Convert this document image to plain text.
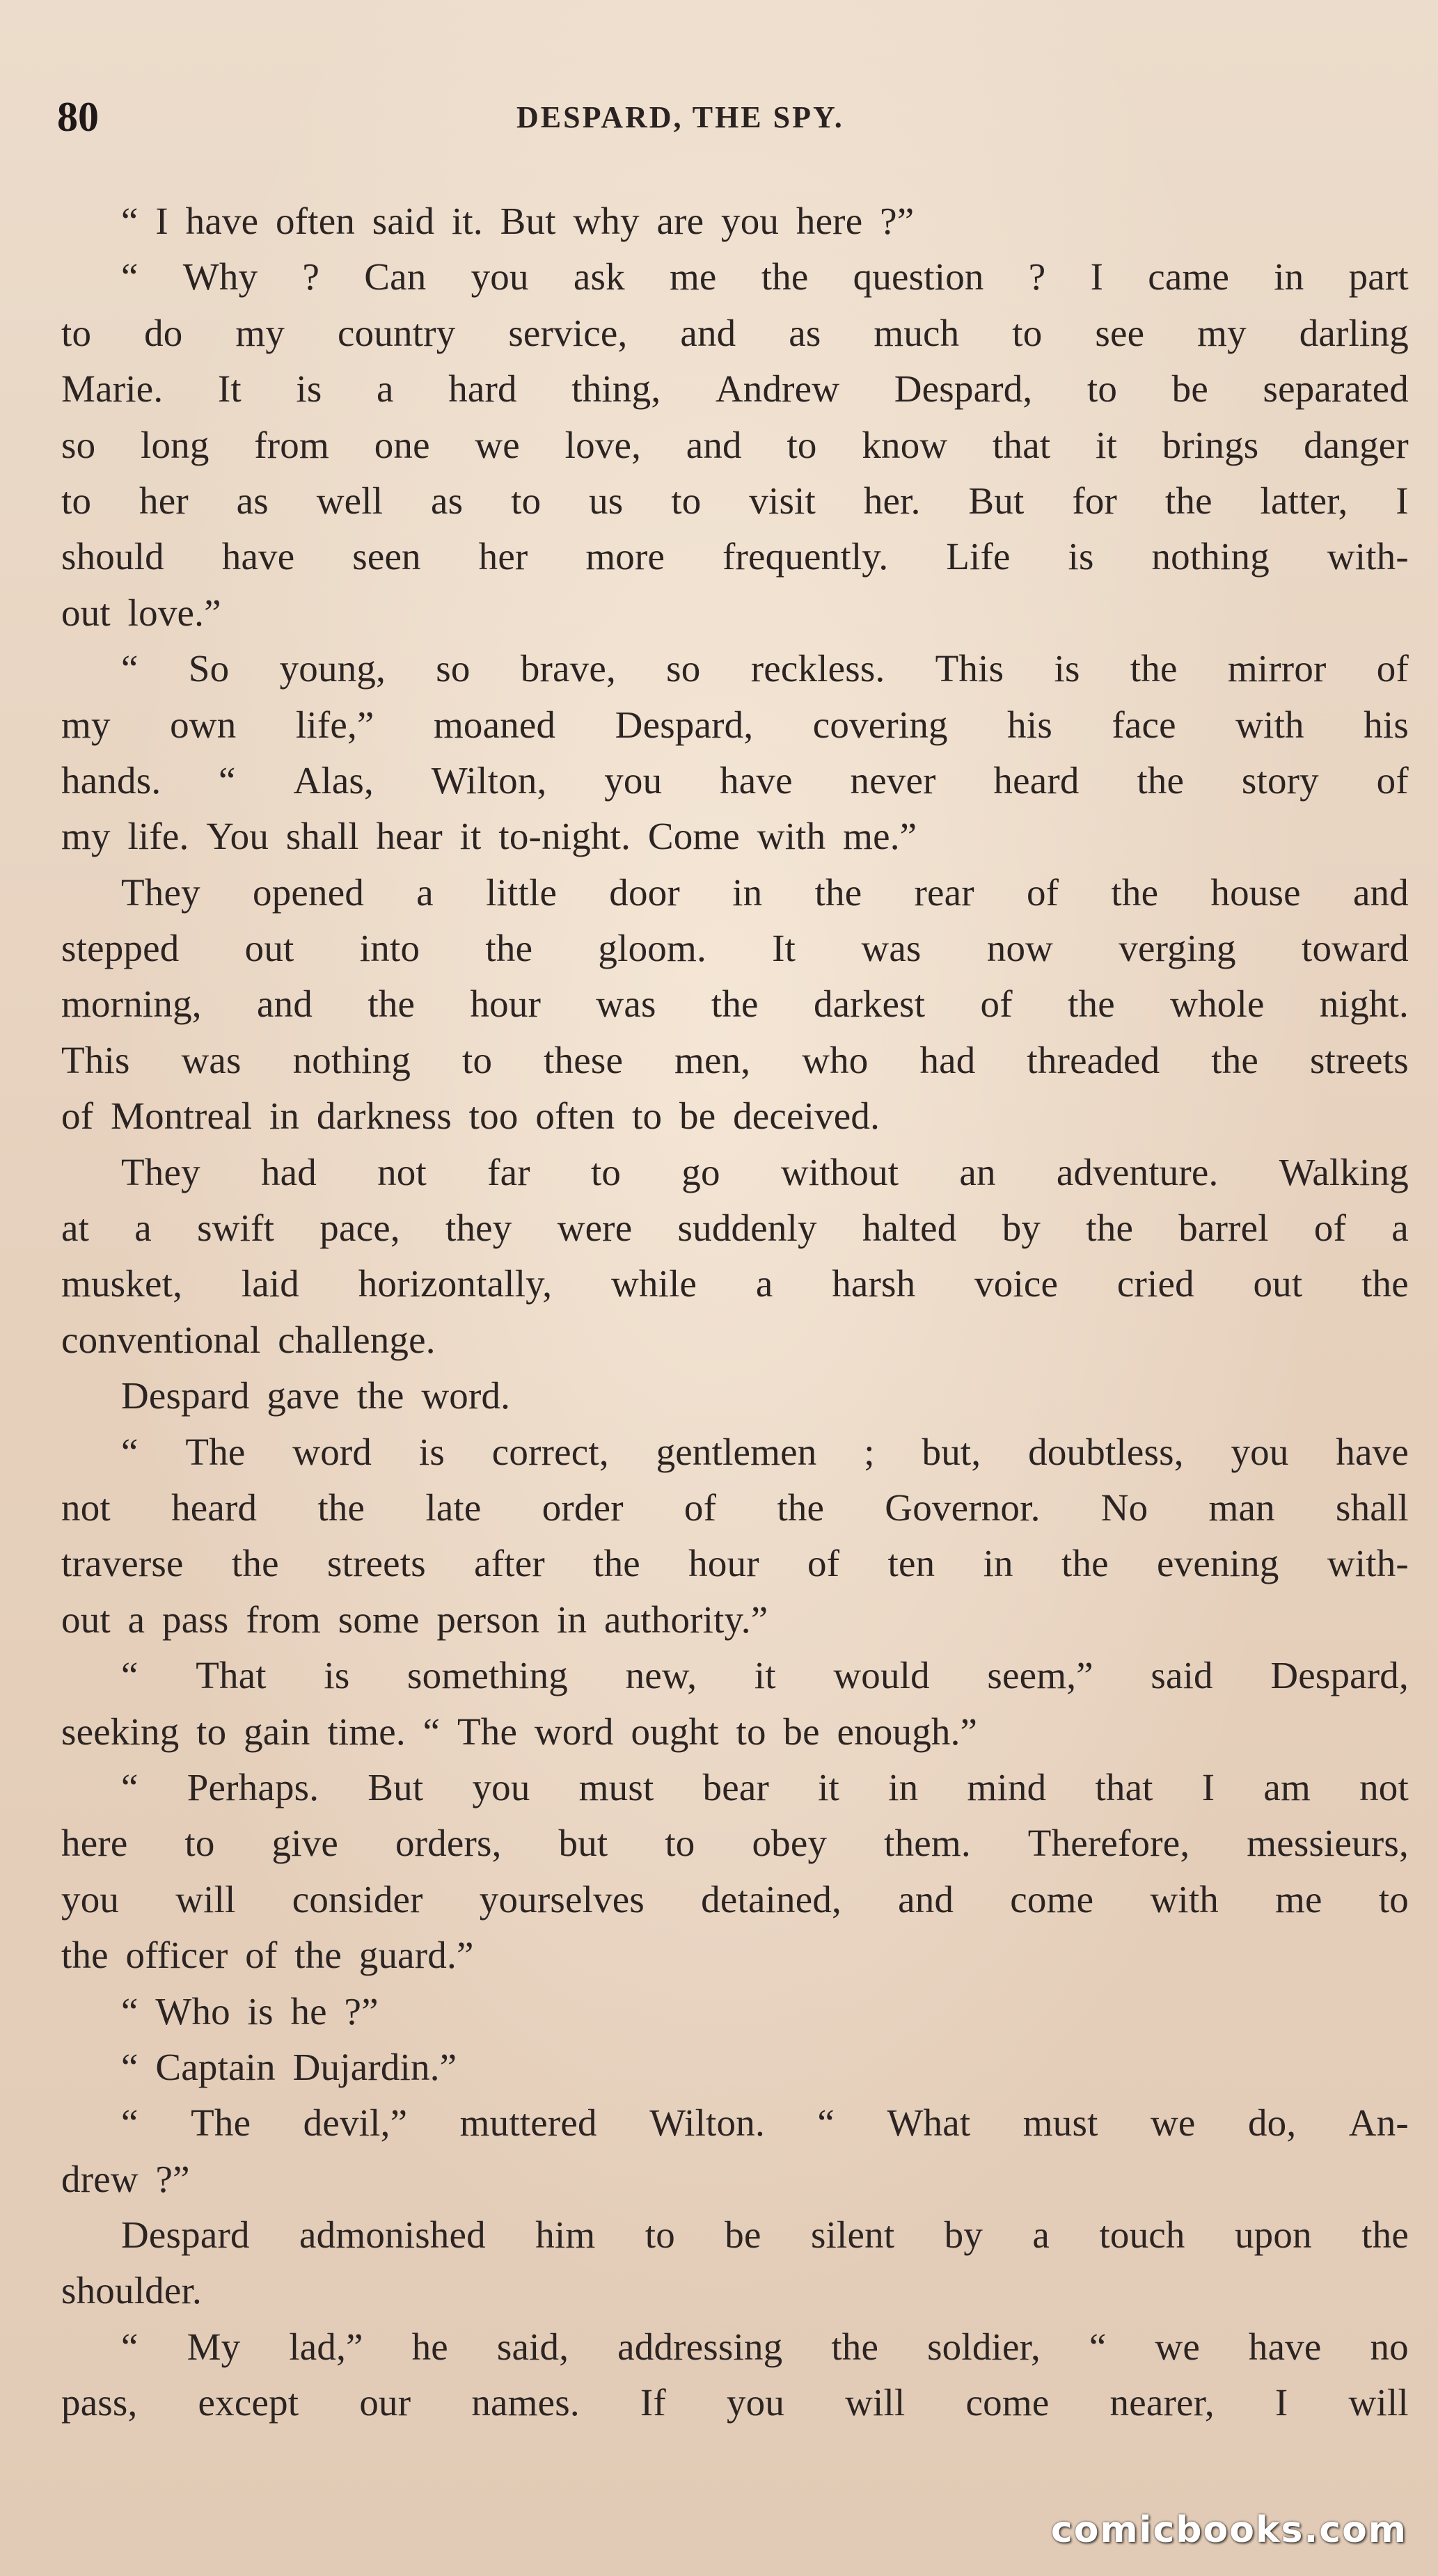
80	DESPARD, THE SPY.
“ I have often said it. But why are you here ?”
“ Why ? Can you ask me the question ? I came in part
to do my country service, and as much to see my darling
Marie. It is a hard thing, Andrew Despard, to be separated
so long from one we love, and to know that it brings danger
to her as well as to us to visit her. But for the latter, I
should have seen her more frequently. Life is nothing with-
out love.”
“ So young, so brave, so reckless. This is the mirror of
my own life,” moaned Despard, covering his face with his
hands. “ Alas, Wilton, you have never heard the story of
my life. You shall hear it to-night. Come with me.”
They opened a little door in the rear of the house and
stepped out into the gloom. It was now verging toward
morning, and the hour was the darkest of the whole night.
This was nothing to these men, who had threaded the streets
of Montreal in darkness too often to be deceived.
They had not far to go without an adventure. Walking
at a swift pace, they were suddenly halted by the barrel of a
musket, laid horizontally, while a harsh voice cried out the
conventional challenge.
Despard gave the word.
“ The word is correct, gentlemen ; but, doubtless, you have
not heard the late order of the Governor. No man shall
traverse the streets after the hour of ten in the evening with-
out a pass from some person in authority.”
“ That is something new, it would seem,” said Despard,
seeking to gain time. “ The word ought to be enough.”
“ Perhaps. But you must bear it in mind that I am not
here to give orders, but to obey them. Therefore, messieurs,
you will consider yourselves detained, and come with me to
the officer of the guard.”
“ Who is he ?”
“ Captain Dujardin.”
“ The devil,” muttered Wilton. “ What must we do, An-
drew ?”
Despard admonished him to be silent by a touch upon the
shoulder.
“ My lad,” he said, addressing the soldier, “ we have no
pass, except our names. If you will come nearer, I will
comicbooks.com
